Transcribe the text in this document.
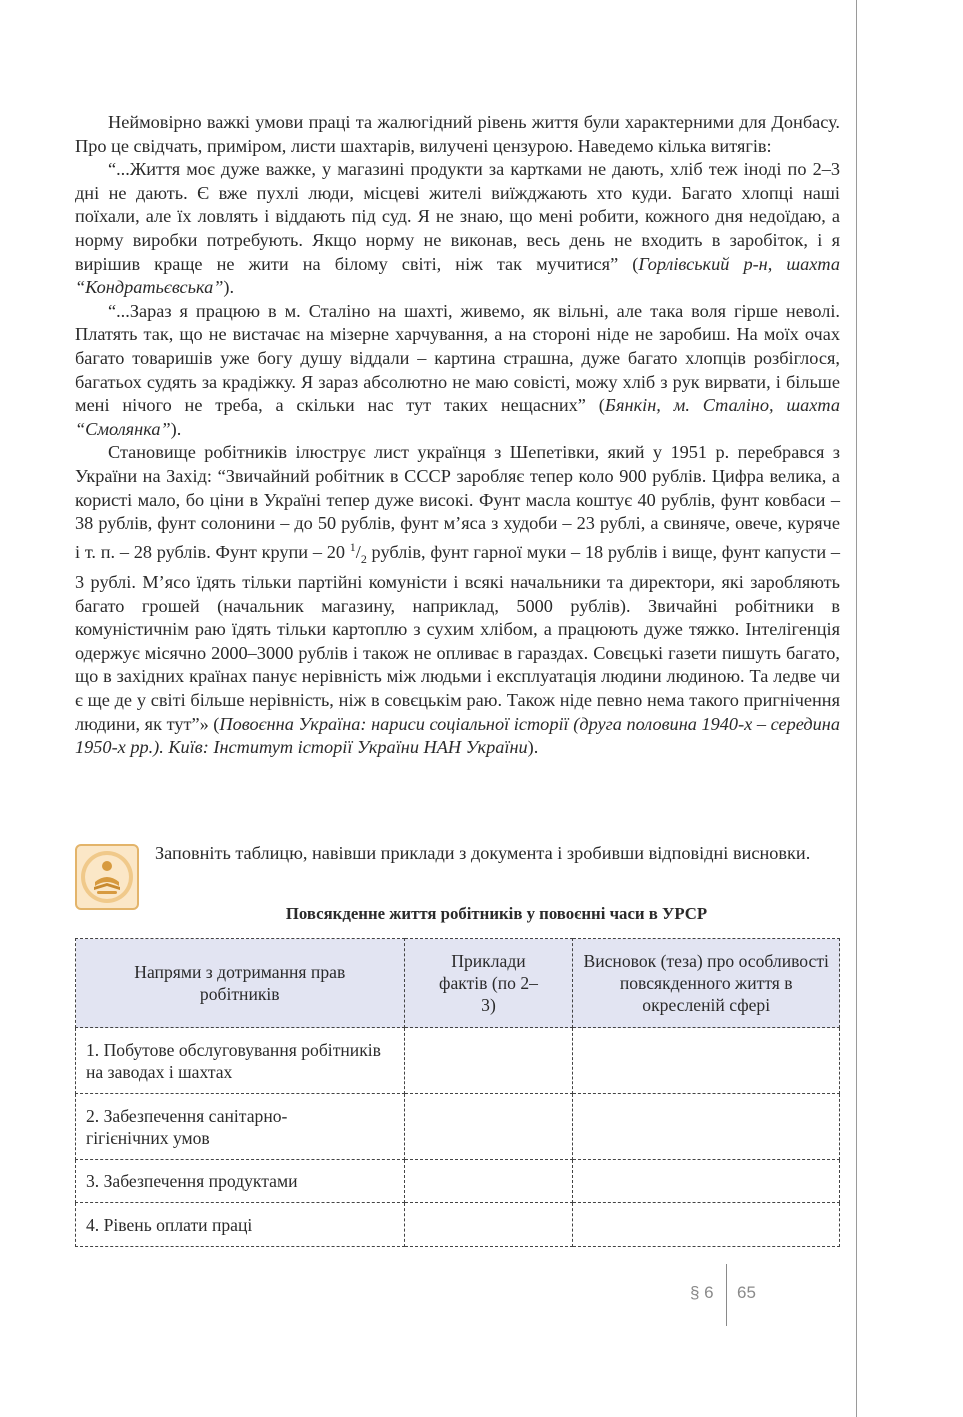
Неймовірно важкі умови праці та жалюгідний рівень життя були характерними для Донбасу. Про це свідчать, приміром, листи шахтарів, вилучені цензурою. Наведемо кілька витягів:

“...Життя моє дуже важке, у магазині продукти за картками не дають, хліб теж іноді по 2–3 дні не дають. Є вже пухлі люди, місцеві жителі виїжджають хто куди. Багато хлопці наші поїхали, але їх ловлять і віддають під суд. Я не знаю, що мені робити, кожного дня недоїдаю, а норму виробки потребують. Якщо норму не виконав, весь день не входить в заробіток, і я вирішив краще не жити на білому світі, ніж так мучитися” (Горлівський р-н, шахта “Кондратьєвська”).

“...Зараз я працюю в м. Сталіно на шахті, живемо, як вільні, але така воля гірше неволі. Платять так, що не вистачає на мізерне харчування, а на стороні ніде не заробиш. На моїх очах багато товаришів уже богу душу віддали – картина страшна, дуже багато хлопців розбіглося, багатьох судять за крадіжку. Я зараз абсолютно не маю совісті, можу хліб з рук вирвати, і більше мені нічого не треба, а скільки нас тут таких нещасних” (Бянкін, м. Сталіно, шахта “Смолянка”).

Становище робітників ілюструє лист українця з Шепетівки, який у 1951 р. перебрався з України на Захід: “Звичайний робітник в СССР заробляє тепер коло 900 рублів. Цифра велика, а користі мало, бо ціни в Україні тепер дуже високі. Фунт масла коштує 40 рублів, фунт ковбаси – 38 рублів, фунт солонини – до 50 рублів, фунт м’яса з худоби – 23 рублі, а свиняче, овече, куряче і т. п. – 28 рублів. Фунт крупи – 20 $^1/_2$ рублів, фунт гарної муки – 18 рублів і вище, фунт капусти – 3 рублі. М’ясо їдять тільки партійні комуністи і всякі начальники та директори, які заробляють багато грошей (начальник магазину, наприклад, 5000 рублів). Звичайні робітники в комуністичнім раю їдять тільки картоплю з сухим хлібом, а працюють дуже тяжко. Інтелігенція одержує місячно 2000–3000 рублів і також не опливає в гараздах. Совєцькі газети пишуть багато, що в західних країнах панує нерівність між людьми і експлуатація людини людиною. Та ледве чи є ще де у світі більше нерівність, ніж в совєцькім раю. Також ніде певно нема такого пригнічення людини, як тут”» (Повоєнна Україна: нариси соціальної історії (друга половина 1940-х – середина 1950-х рр.). Київ: Інститут історії України НАН України).

Заповніть таблицю, навівши приклади з документа і зробивши відповідні висновки.
Повсякденне життя робітників у повоєнні часи в УРСР
Напрями з дотримання прав робітників	Приклади фактів (по 2–3)	Висновок (теза) про особливості повсякденного життя в окресленій сфері
1. Побутове обслуговування робітників на заводах і шахтах		
2. Забезпечення санітарно-гігієнічних умов		
3. Забезпечення продуктами		
4. Рівень оплати праці		
§ 6 65
